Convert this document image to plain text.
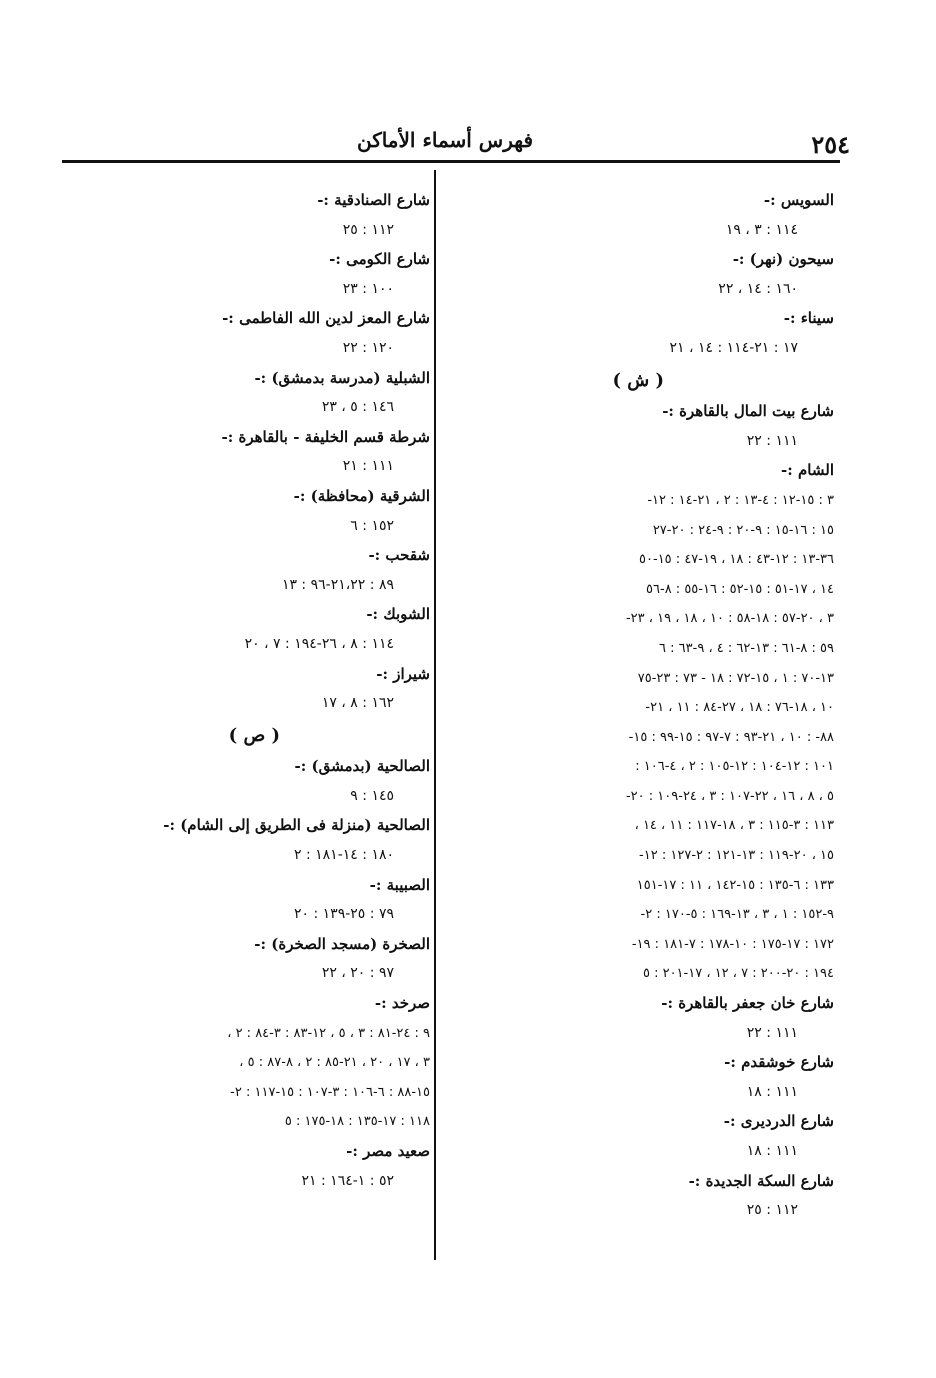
٢٥٤
فهرس أسماء الأماكن
السويس :-
١١٤ : ٣ ، ١٩
سيحون (نهر) :-
١٦٠ : ١٤ ، ٢٢
سيناء :-
١٧ : ٢١-١١٤ : ١٤ ، ٢١
( ش )
شارع بيت المال بالقاهرة :-
١١١ : ٢٢
الشام :-
٣ : ١٥-١٢ : ٤-١٣ : ٢ ، ٢١-١٤ : ١٢-
١٥ : ١٦-١٥ : ٩-٢٠ : ٩-٢٤ : ٢٠-٢٧
٣٦-١٣ : ١٢-٤٣ : ١٨ ، ١٩-٤٧ : ١٥-٥٠
١٤ ، ١٧-٥١ : ١٥-٥٢ : ١٦-٥٥ : ٨-٥٦
٣ ، ٢٠-٥٧ : ١٨-٥٨ : ١٠ ، ١٨ ، ١٩ ، ٢٣-
٥٩ : ٨-٦١ : ١٣-٦٢ : ٤ ، ٩-٦٣ : ٦
١٣-٧٠ : ١ ، ١٥-٧٢ : ١٨ - ٧٣ : ٢٣-٧٥
١٠ ، ١٨-٧٦ : ١٨ ، ٢٧-٨٤ : ١١ ، ٢١-
٨٨- : ١٠ ، ٢١-٩٣ : ٧-٩٧ : ١٥-٩٩ : ١٥-
١٠١ : ١٢-١٠٤ : ١٢-١٠٥ : ٢ ، ٤-١٠٦ :
٥ ، ٨ ، ١٦ ، ٢٢-١٠٧ : ٣ ، ٢٤-١٠٩ : ٢٠-
١١٣ : ٣-١١٥ : ٣ ، ١٨-١١٧ : ١١ ، ١٤ ،
١٥ ، ٢٠-١١٩ : ١٣-١٢١ : ٢-١٢٧ : ١٢-
١٣٣ : ٦-١٣٥ : ١٥-١٤٢ ، ١١ : ١٧-١٥١
٩-١٥٢ : ١ ، ٣ ، ١٣-١٦٩ : ٥-١٧٠ : ٢-
١٧٢ : ١٧-١٧٥ : ١٠-١٧٨ : ٧-١٨١ : ١٩-
١٩٤ : ٢٠-٢٠٠ : ٧ ، ١٢ ، ١٧-٢٠١ : ٥
شارع خان جعفر بالقاهرة :-
١١١ : ٢٢
شارع خوشقدم :-
١١١ : ١٨
شارع الدرديرى :-
١١١ : ١٨
شارع السكة الجديدة :-
١١٢ : ٢٥
شارع الصنادقية :-
١١٢ : ٢٥
شارع الكومى :-
١٠٠ : ٢٣
شارع المعز لدين الله الفاطمى :-
١٢٠ : ٢٢
الشبلية (مدرسة بدمشق) :-
١٤٦ : ٥ ، ٢٣
شرطة قسم الخليفة - بالقاهرة :-
١١١ : ٢١
الشرقية (محافظة) :-
١٥٢ : ٦
شقحب :-
٨٩ : ٢١،٢٢-٩٦ : ١٣
الشوبك :-
١١٤ : ٨ ، ٢٦-١٩٤ : ٧ ، ٢٠
شيراز :-
١٦٢ : ٨ ، ١٧
( ص )
الصالحية (بدمشق) :-
١٤٥ : ٩
الصالحية (منزلة فى الطريق إلى الشام) :-
١٨٠ : ١٤-١٨١ : ٢
الصبيبة :-
٧٩ : ٢٥-١٣٩ : ٢٠
الصخرة (مسجد الصخرة) :-
٩٧ : ٢٠ ، ٢٢
صرخد :-
٩ : ٢٤-٨١ : ٣ ، ٥ ، ١٢-٨٣ : ٣-٨٤ : ٢ ،
٣ ، ١٧ ، ٢٠ ، ٢١-٨٥ : ٢ ، ٨-٨٧ : ٥ ،
١٥-٨٨ : ٦-١٠٦ : ٣-١٠٧ : ١٥-١١٧ : ٢-
١١٨ : ١٧-١٣٥ : ١٨-١٧٥ : ٥
صعيد مصر :-
٥٢ : ١-١٦٤ : ٢١
